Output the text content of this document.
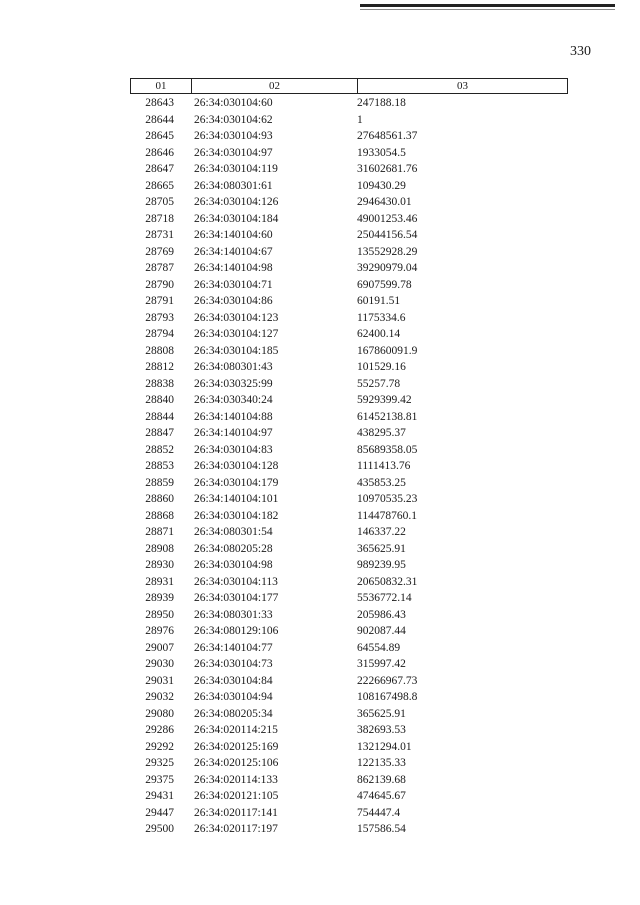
330
01	02	03
28643	26:34:030104:60	247188.18
28644	26:34:030104:62	1
28645	26:34:030104:93	27648561.37
28646	26:34:030104:97	1933054.5
28647	26:34:030104:119	31602681.76
28665	26:34:080301:61	109430.29
28705	26:34:030104:126	2946430.01
28718	26:34:030104:184	49001253.46
28731	26:34:140104:60	25044156.54
28769	26:34:140104:67	13552928.29
28787	26:34:140104:98	39290979.04
28790	26:34:030104:71	6907599.78
28791	26:34:030104:86	60191.51
28793	26:34:030104:123	1175334.6
28794	26:34:030104:127	62400.14
28808	26:34:030104:185	167860091.9
28812	26:34:080301:43	101529.16
28838	26:34:030325:99	55257.78
28840	26:34:030340:24	5929399.42
28844	26:34:140104:88	61452138.81
28847	26:34:140104:97	438295.37
28852	26:34:030104:83	85689358.05
28853	26:34:030104:128	1111413.76
28859	26:34:030104:179	435853.25
28860	26:34:140104:101	10970535.23
28868	26:34:030104:182	114478760.1
28871	26:34:080301:54	146337.22
28908	26:34:080205:28	365625.91
28930	26:34:030104:98	989239.95
28931	26:34:030104:113	20650832.31
28939	26:34:030104:177	5536772.14
28950	26:34:080301:33	205986.43
28976	26:34:080129:106	902087.44
29007	26:34:140104:77	64554.89
29030	26:34:030104:73	315997.42
29031	26:34:030104:84	22266967.73
29032	26:34:030104:94	108167498.8
29080	26:34:080205:34	365625.91
29286	26:34:020114:215	382693.53
29292	26:34:020125:169	1321294.01
29325	26:34:020125:106	122135.33
29375	26:34:020114:133	862139.68
29431	26:34:020121:105	474645.67
29447	26:34:020117:141	754447.4
29500	26:34:020117:197	157586.54
